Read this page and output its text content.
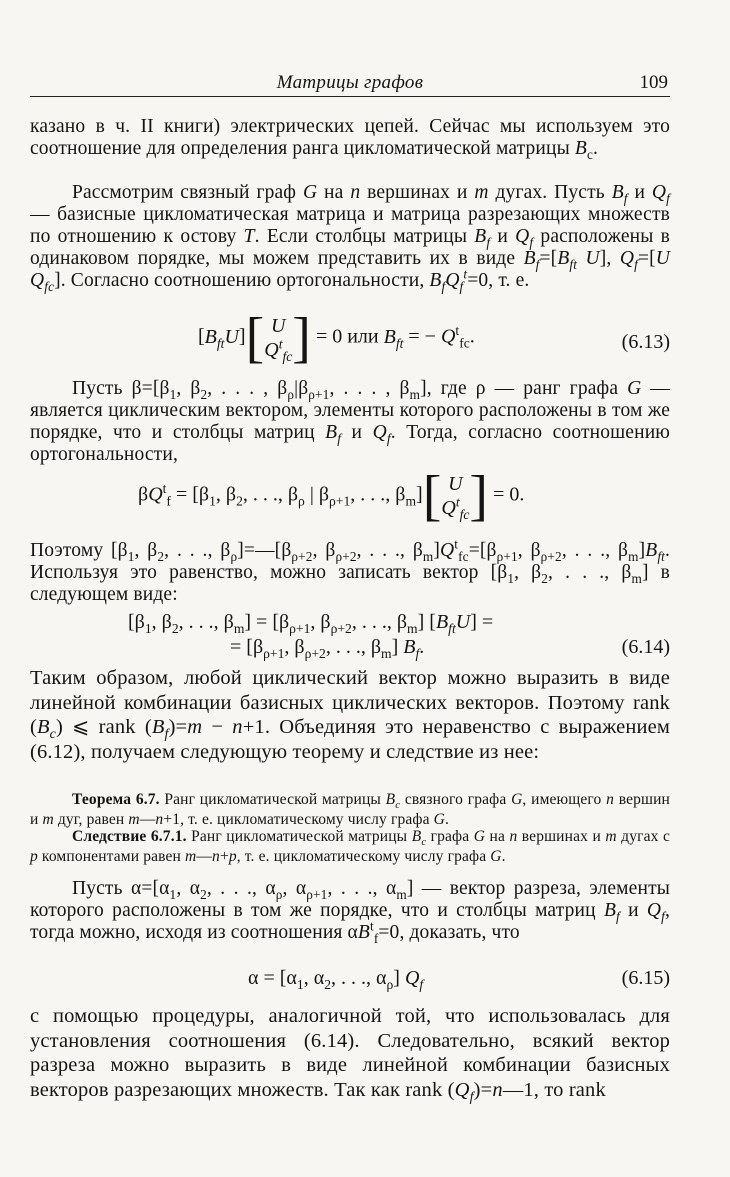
Матрицы графов	109
казано в ч. II книги) электрических цепей. Сейчас мы используем это соотношение для определения ранга цикломатической матрицы $B_c$.
Рассмотрим связный граф G на n вершинах и m дугах. Пусть $B_f$ и $Q_f$ — базисные цикломатическая матрица и матрица разрезающих множеств по отношению к остову T. Если столбцы матрицы $B_f$ и $Q_f$ расположены в одинаковом порядке, мы можем представить их в виде $B_f=[B_{ft}$ U], $Q_f=[U$ $Q_{fc}$]. Согласно соотношению ортогональности, $B_fQ_f^t=0$, т. е.
$[B_{ft}U]$[ U
$Q^t_{fc}] = 0$ или $B_{ft}$ = − $Q^t_{fc}$.	(6.13)
Пусть $\beta=[\beta_1$, $\beta_2$, . . . , $\beta_\rho|\beta_{\rho+1}$, . . . , $\beta_m$], где ρ — ранг графа G — является циклическим вектором, элементы которого расположены в том же порядке, что и столбцы матриц $B_f$ и $Q_f$. Тогда, согласно соотношению ортогональности,
$\beta Q^t_f = [\beta_1$, $\beta_2$, . . ., $\beta_\rho$ | $\beta_{\rho+1}$, . . ., $\beta_m$][ U
$Q^t_{fc}] = 0$.
Поэтому [$\beta_1$, $\beta_2$, . . ., $\beta_\rho]=—[\beta_{\rho+2}$, $\beta_{\rho+2}$, . . ., $\beta_m]Q^t_{fc}=[\beta_{\rho+1}$, $\beta_{\rho+2}$, . . ., $\beta_m]B_{ft}$. Используя это равенство, можно записать вектор [$\beta_1$, $\beta_2$, . . ., $\beta_m$] в следующем виде:
[$\beta_1$, $\beta_2$, . . ., $\beta_m] = [\beta_{\rho+1}$, $\beta_{\rho+2}$, . . ., $\beta_m$] $[B_{ft}U]$ =
= [$\beta_{\rho+1}$, $\beta_{\rho+2}$, . . ., $\beta_m$] $B_f$.	(6.14)
Таким образом, любой циклический вектор можно выразить в виде линейной комбинации базисных циклических векторов. Поэтому rank $(B_c)$ ⩽ rank $(B_f)=m - n+1$. Объединяя это неравенство с выражением (6.12), получаем следующую теорему и следствие из нее:
Теорема 6.7. Ранг цикломатической матрицы $B_c$ связного графа G, имеющего n вершин и m дуг, равен m—n+1, т. е. цикломатическому числу графа G.
Следствие 6.7.1. Ранг цикломатической матрицы $B_c$ графа G на n вершинах и m дугах с p компонентами равен m—n+p, т. е. цикломатическому числу графа G.
Пусть $\alpha=[\alpha_1$, $\alpha_2$, . . ., $\alpha_\rho$, $\alpha_{\rho+1}$, . . ., $\alpha_m$] — вектор разреза, элементы которого расположены в том же порядке, что и столбцы матриц $B_f$ и $Q_f$, тогда можно, исходя из соотношения $\alpha B^t_f=0$, доказать, что
$\alpha = [\alpha_1$, $\alpha_2$, . . ., $\alpha_\rho$] $Q_f$	(6.15)
с помощью процедуры, аналогичной той, что использовалась для установления соотношения (6.14). Следовательно, всякий вектор разреза можно выразить в виде линейной комбинации базисных векторов разрезающих множеств. Так как rank $(Q_f)=n—1$, то rank
